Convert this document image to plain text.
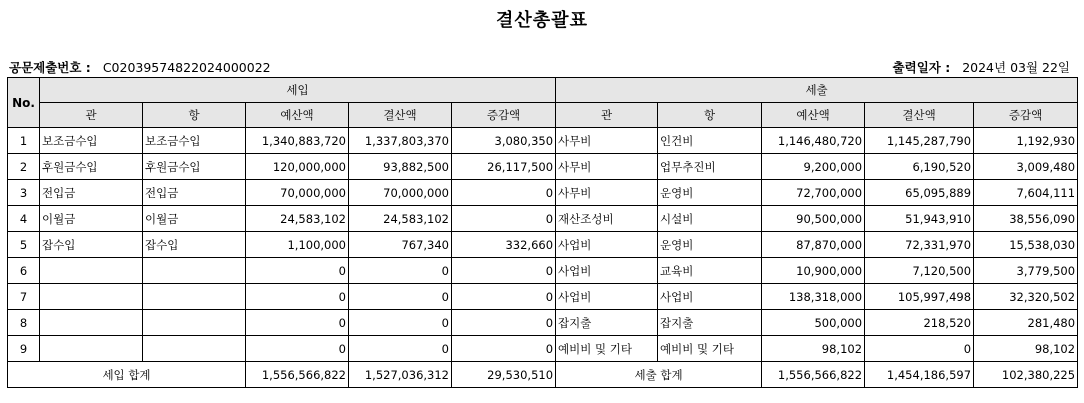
결산총괄표
공문제출번호 : C02039574822024000022	출력일자 : 2024년 03월 22일
No.	세입					세출				
	관	항	예산액	결산액	증감액	관	항	예산액	결산액	증감액
1	보조금수입	보조금수입	1,340,883,720	1,337,803,370	3,080,350	사무비	인건비	1,146,480,720	1,145,287,790	1,192,930
2	후원금수입	후원금수입	120,000,000	93,882,500	26,117,500	사무비	업무추진비	9,200,000	6,190,520	3,009,480
3	전입금	전입금	70,000,000	70,000,000	0	사무비	운영비	72,700,000	65,095,889	7,604,111
4	이월금	이월금	24,583,102	24,583,102	0	재산조성비	시설비	90,500,000	51,943,910	38,556,090
5	잡수입	잡수입	1,100,000	767,340	332,660	사업비	운영비	87,870,000	72,331,970	15,538,030
6			0	0	0	사업비	교육비	10,900,000	7,120,500	3,779,500
7			0	0	0	사업비	사업비	138,318,000	105,997,498	32,320,502
8			0	0	0	잡지출	잡지출	500,000	218,520	281,480
9			0	0	0	예비비 및 기타	예비비 및 기타	98,102	0	98,102
세입 합계			1,556,566,822	1,527,036,312	29,530,510	세출 합계		1,556,566,822	1,454,186,597	102,380,225
